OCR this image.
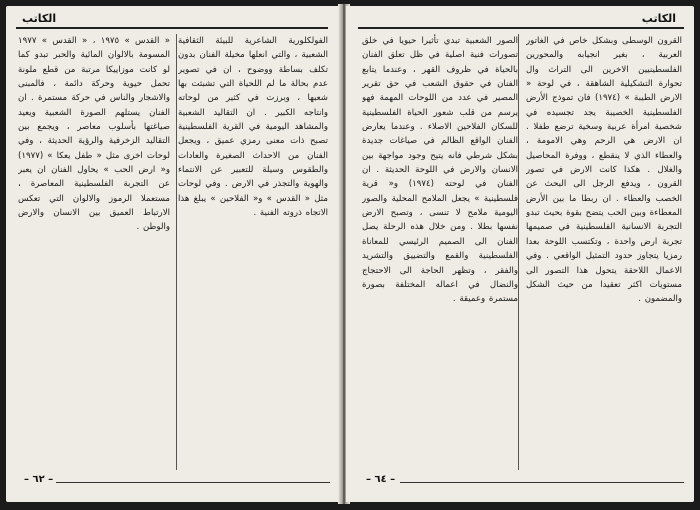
الكاتب

الفولكلورية الشاعرية للبيئة الثقافية الشعبية ، والتي انعلها مخيلة الفنان بدون تكلف بساطة ووضوح ، ان في تصوير عدم بحالة ما لم اللحياة التي تشبثت بها شعبها ، وبرزت في كثير من لوحاته وانتاجه الكبير . ان التقاليد الشعبية والمشاهد اليومية في القرية الفلسطينية تصبح ذات معنى رمزي عميق ، ويجعل الفنان من الاحداث الصغيرة والعادات والطقوس وسيلة للتعبير عن الانتماء والهوية والتجذر في الارض . وفي لوحات مثل « القدس » و« الفلاحين » يبلغ هذا الاتجاه ذروته الفنية .

« القدس » ١٩٧٥ ، « القدس » ١٩٧٧ المسومة بالالوان المائية والحبر تبدو كما لو كانت موزاييكا مرتبة من قطع ملونة تحمل حيوية وحركة دائمة ، فالمبنى والاشجار والناس في حركة مستمرة . ان الفنان يستلهم الصورة الشعبية ويعيد صياغتها بأسلوب معاصر ، ويجمع بين التقاليد الزخرفية والرؤية الحديثة ، وفي لوحات اخرى مثل « طفل يعكا » (١٩٧٧) و« ارض الحب » يحاول الفنان ان يعبر عن التجربة الفلسطينية المعاصرة ، مستعملا الرموز والالوان التي تعكس الارتباط العميق بين الانسان والارض والوطن .

– ٦٢ –
الكاتب

القرون الوسطى وبشكل خاص في الغاتور العربية ، بغير انجيابه والمحورين الفلسطينيين الاخرين الى التراث وال تحوارة التشكيلية الشاهقة ، في لوحة « الارض الطيبة » (١٩٧٤) فان تموذج الأرض الفلسطينية الخصيبة يجد تجسيده في شخصية امرأة عربية وسخية ترضع طفلا . ان الارض هي الرحم وهي الامومة ، والعطاء الذي لا ينقطع ، ووفرة المحاصيل والغلال . هكذا كانت الارض في تصور القرون ، ويدفع الرجل الى البحث عن الخصب والعطاء . ان ربطا ما بين الأرض المعطاءة وبين الحب يتضح بقوة بحيث تبدو التجربة الانسانية الفلسطينية في صميمها تجربة ارض واحدة ، وتكتسب اللوحة بعدا رمزيا يتجاوز حدود التمثيل الواقعي . وفي الاعمال اللاحقة يتحول هذا التصور الى مستويات اكثر تعقيدا من حيث الشكل والمضمون .

الصور الشعبية تبدي تأثيرا حيويا في خلق تصورات فنية اصلية في ظل تعلق الفنان بالحياة في ظروف القهر ، وعندما يتابع الفنان في حقوق الشعب في حق تقرير المصير في عدد من اللوحات المهمة فهو يرسم من قلب شعور الحياة الفلسطينية للسكان الفلاحين الاصلاء . وعندما يعارض الفنان الواقع الظالم في صياغات جديدة بشكل شرطي فانه يتيح وجود مواجهة بين الانسان والارض في اللوحة الحديثة . ان الفنان في لوحته (١٩٧٤) و« قرية فلسطينية » يجعل الملامح المحلية والصور اليومية ملامح لا تنسى ، وتصبح الارض نفسها بطلا . ومن خلال هذه الرحلة يصل الفنان الى الصميم الرئيسي للمعاناة الفلسطينية والقمع والتضييق والتشريد والفقر ، وتظهر الحاجة الى الاحتجاج والنضال في اعماله المختلفة بصورة مستمرة وعميقة .

– ٦٤ –
